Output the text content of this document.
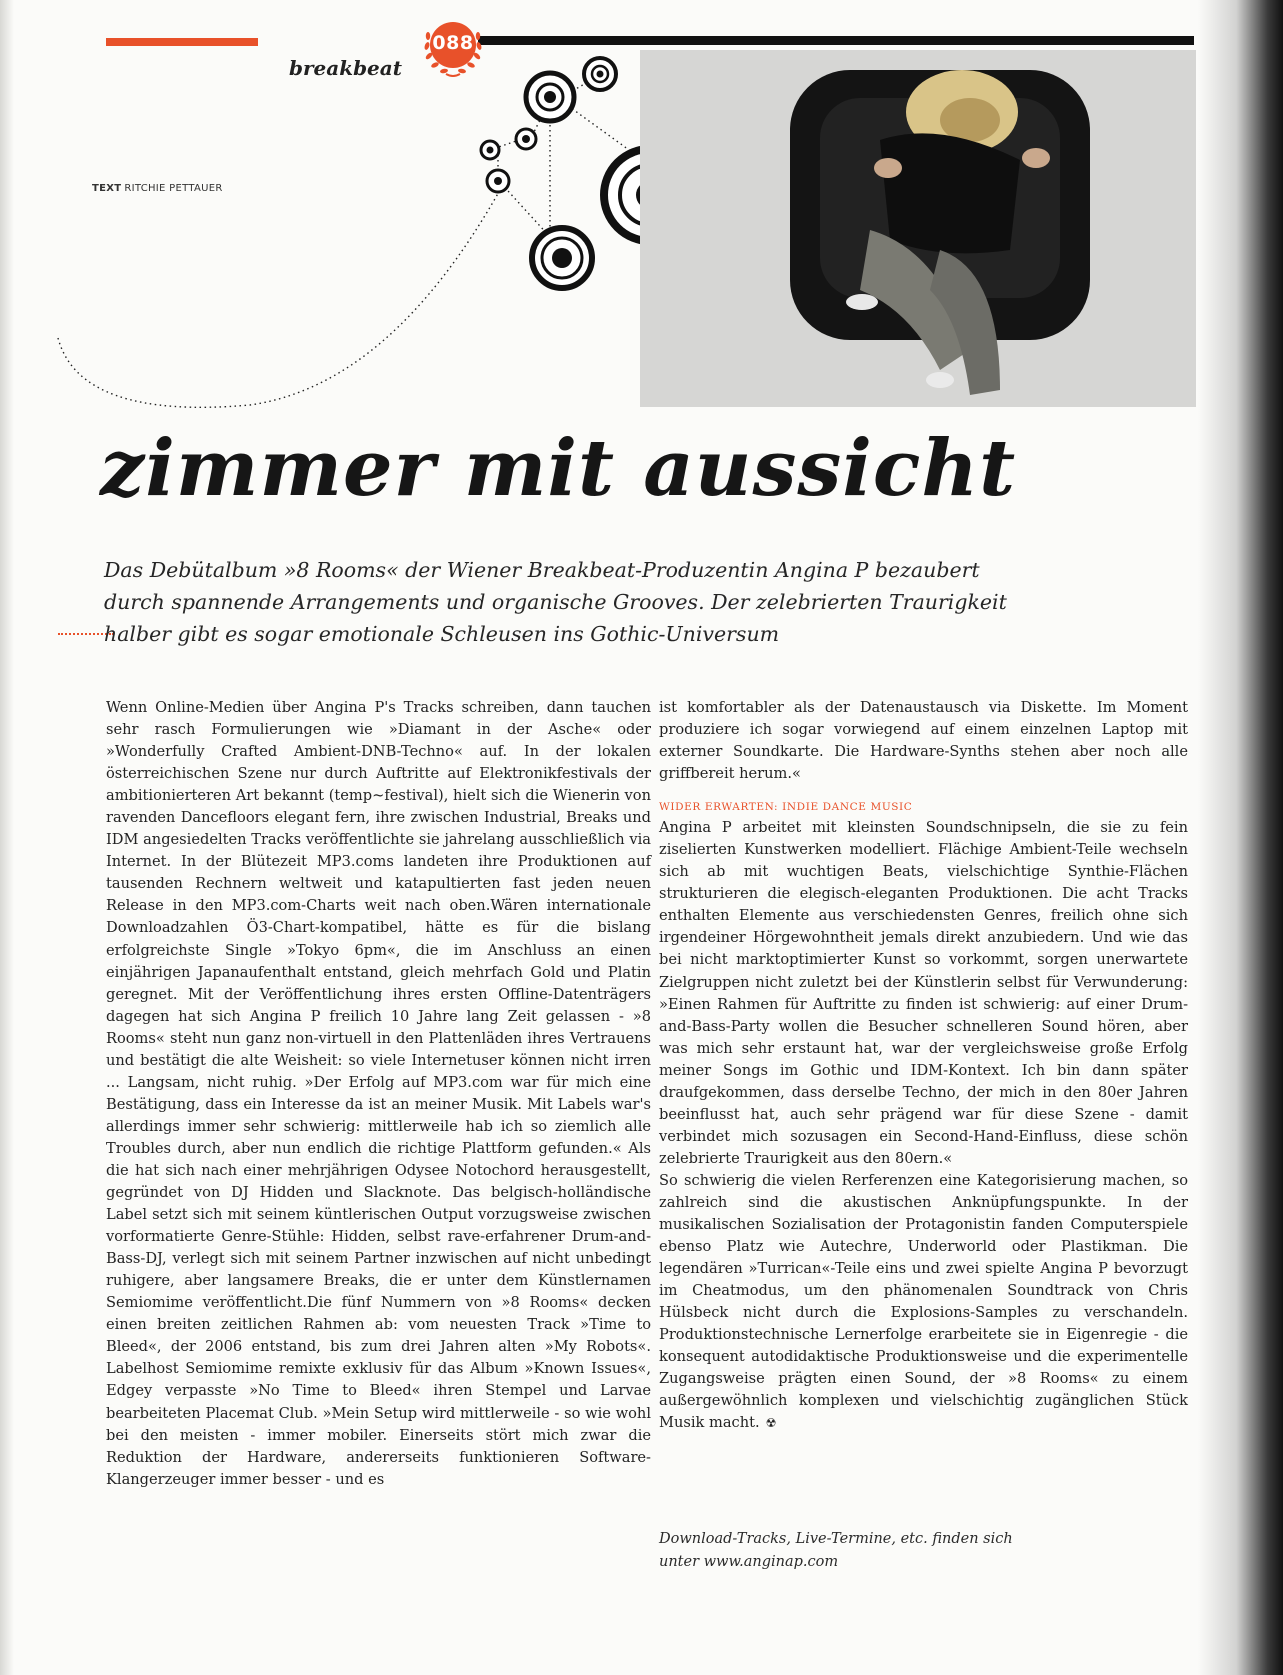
088
breakbeat
TEXT RITCHIE PETTAUER
zimmer mit aussicht
Das Debütalbum »8 Rooms« der Wiener Breakbeat-Produzentin Angina P bezaubert durch spannende Arrangements und organische Grooves. Der zelebrierten Traurigkeit halber gibt es sogar emotionale Schleusen ins Gothic-Universum

Wenn Online-Medien über Angina P's Tracks schreiben, dann tauchen sehr rasch Formulierungen wie »Diamant in der Asche« oder »Wonderfully Crafted Ambient-DNB-Techno« auf. In der lokalen österreichischen Szene nur durch Auftritte auf Elektronikfestivals der ambitionierteren Art bekannt (temp~festival), hielt sich die Wienerin von ravenden Dancefloors elegant fern, ihre zwischen Industrial, Breaks und IDM angesiedelten Tracks veröffentlichte sie jahrelang ausschließlich via Internet. In der Blütezeit MP3.coms landeten ihre Produktionen auf tausenden Rechnern weltweit und katapultierten fast jeden neuen Release in den MP3.com-Charts weit nach oben.Wären internationale Downloadzahlen Ö3-Chart-kompatibel, hätte es für die bislang erfolgreichste Single »Tokyo 6pm«, die im Anschluss an einen einjährigen Japanaufenthalt entstand, gleich mehrfach Gold und Platin geregnet. Mit der Veröffentlichung ihres ersten Offline-Datenträgers dagegen hat sich Angina P freilich 10 Jahre lang Zeit gelassen - »8 Rooms« steht nun ganz non-virtuell in den Plattenläden ihres Vertrauens und bestätigt die alte Weisheit: so viele Internetuser können nicht irren ... Langsam, nicht ruhig. »Der Erfolg auf MP3.com war für mich eine Bestätigung, dass ein Interesse da ist an meiner Musik. Mit Labels war's allerdings immer sehr schwierig: mittlerweile hab ich so ziemlich alle Troubles durch, aber nun endlich die richtige Plattform gefunden.« Als die hat sich nach einer mehrjährigen Odysee Notochord herausgestellt, gegründet von DJ Hidden und Slacknote. Das belgisch-holländische Label setzt sich mit seinem küntlerischen Output vorzugsweise zwischen vorformatierte Genre-Stühle: Hidden, selbst rave-erfahrener Drum-and-Bass-DJ, verlegt sich mit seinem Partner inzwischen auf nicht unbedingt ruhigere, aber langsamere Breaks, die er unter dem Künstlernamen Semiomime veröffentlicht.Die fünf Nummern von »8 Rooms« decken einen breiten zeitlichen Rahmen ab: vom neuesten Track »Time to Bleed«, der 2006 entstand, bis zum drei Jahren alten »My Robots«. Labelhost Semiomime remixte exklusiv für das Album »Known Issues«, Edgey verpasste »No Time to Bleed« ihren Stempel und Larvae bearbeiteten Placemat Club. »Mein Setup wird mittlerweile - so wie wohl bei den meisten - immer mobiler. Einerseits stört mich zwar die Reduktion der Hardware, andererseits funktionieren Software-Klangerzeuger immer besser - und es

ist komfortabler als der Datenaustausch via Diskette. Im Moment produziere ich sogar vorwiegend auf einem einzelnen Laptop mit externer Soundkarte. Die Hardware-Synths stehen aber noch alle griffbereit herum.«

WIDER ERWARTEN: INDIE DANCE MUSIC

Angina P arbeitet mit kleinsten Soundschnipseln, die sie zu fein ziselierten Kunstwerken modelliert. Flächige Ambient-Teile wechseln sich ab mit wuchtigen Beats, vielschichtige Synthie-Flächen strukturieren die elegisch-eleganten Produktionen. Die acht Tracks enthalten Elemente aus verschiedensten Genres, freilich ohne sich irgendeiner Hörgewohntheit jemals direkt anzubiedern. Und wie das bei nicht marktoptimierter Kunst so vorkommt, sorgen unerwartete Zielgruppen nicht zuletzt bei der Künstlerin selbst für Verwunderung: »Einen Rahmen für Auftritte zu finden ist schwierig: auf einer Drum-and-Bass-Party wollen die Besucher schnelleren Sound hören, aber was mich sehr erstaunt hat, war der vergleichsweise große Erfolg meiner Songs im Gothic und IDM-Kontext. Ich bin dann später draufgekommen, dass derselbe Techno, der mich in den 80er Jahren beeinflusst hat, auch sehr prägend war für diese Szene - damit verbindet mich sozusagen ein Second-Hand-Einfluss, diese schön zelebrierte Traurigkeit aus den 80ern.«

So schwierig die vielen Rerferenzen eine Kategorisierung machen, so zahlreich sind die akustischen Anknüpfungspunkte. In der musikalischen Sozialisation der Protagonistin fanden Computerspiele ebenso Platz wie Autechre, Underworld oder Plastikman. Die legendären »Turrican«-Teile eins und zwei spielte Angina P bevorzugt im Cheatmodus, um den phänomenalen Soundtrack von Chris Hülsbeck nicht durch die Explosions-Samples zu verschandeln. Produktionstechnische Lernerfolge erarbeitete sie in Eigenregie - die konsequent autodidaktische Produktionsweise und die experimentelle Zugangsweise prägten einen Sound, der »8 Rooms« zu einem außergewöhnlich komplexen und vielschichtig zugänglichen Stück Musik macht. ☢

Download-Tracks, Live-Termine, etc. finden sich
unter www.anginap.com
